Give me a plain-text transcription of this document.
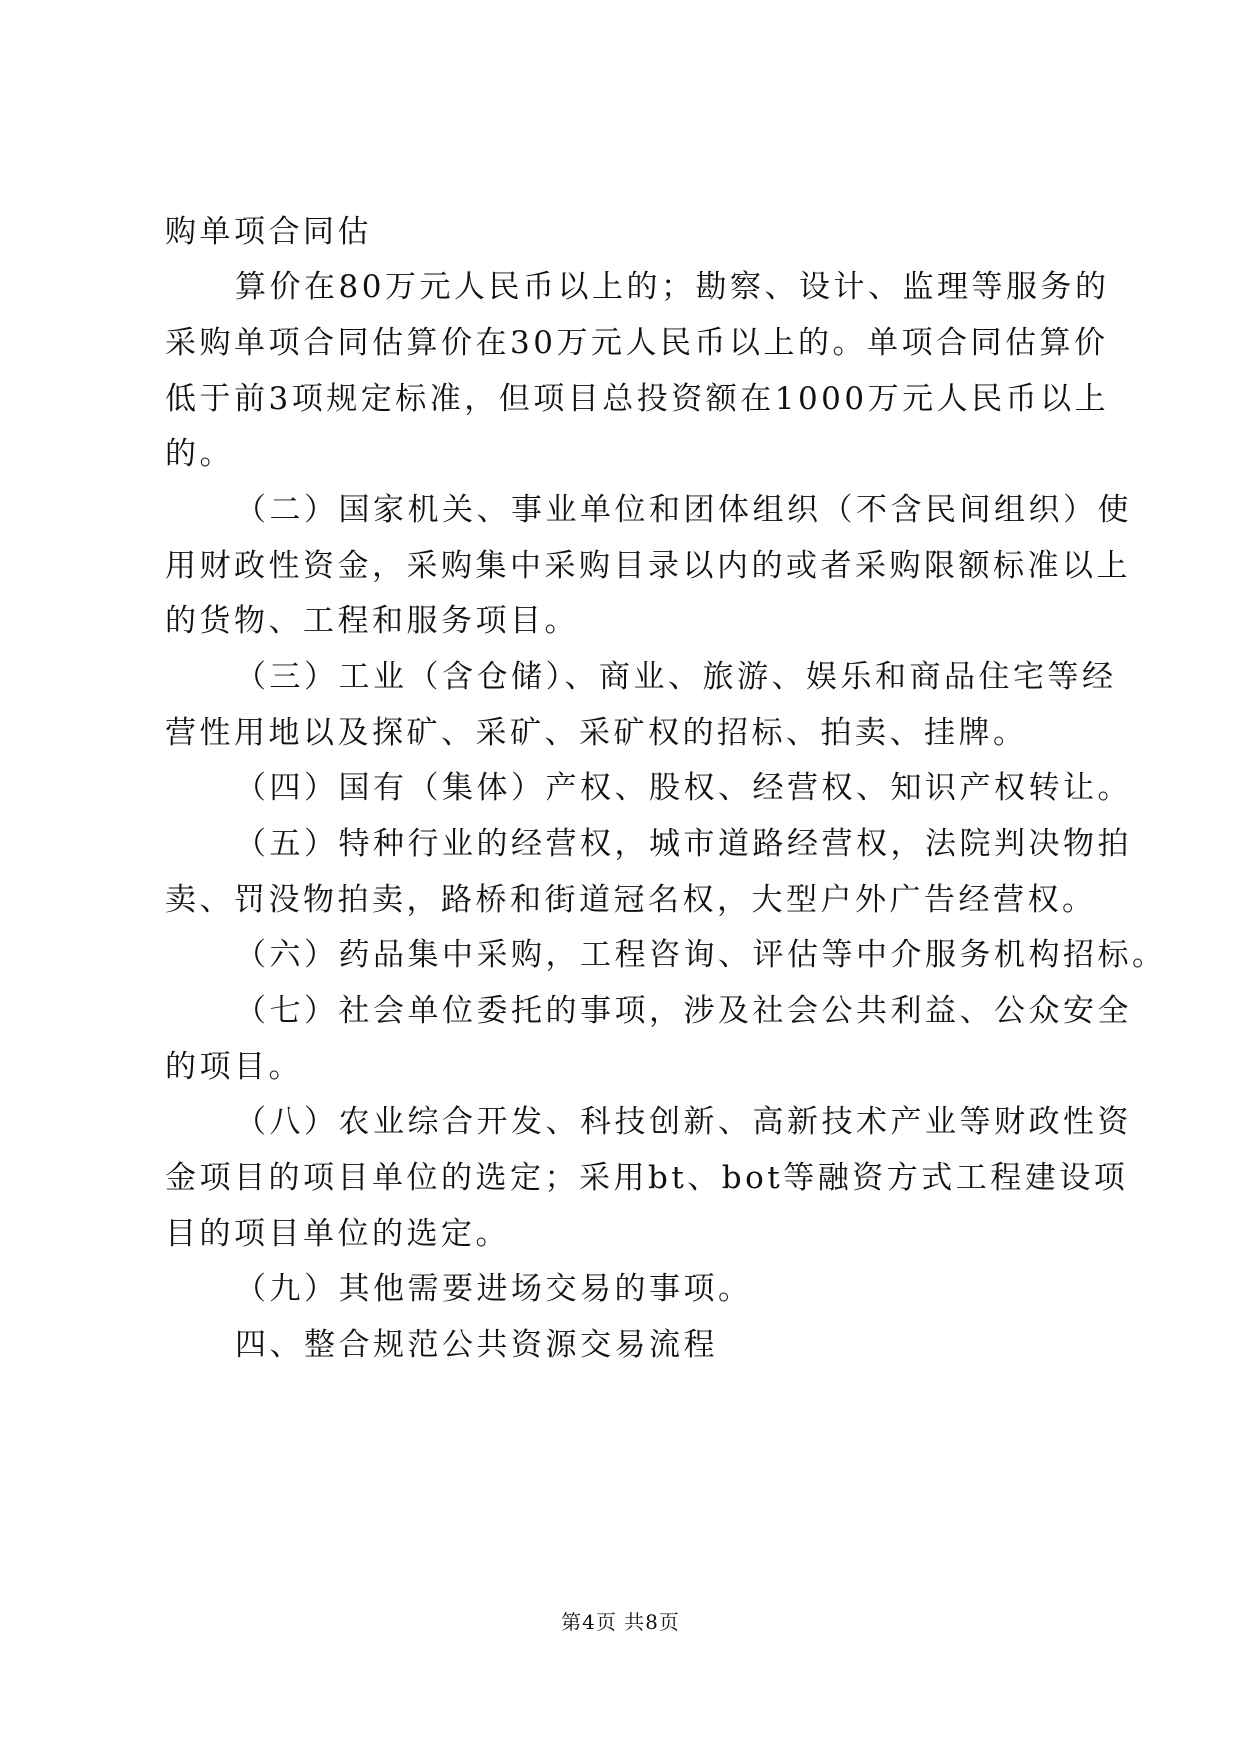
购单项合同估
算价在80万元人民币以上的；勘察、设计、监理等服务的
采购单项合同估算价在30万元人民币以上的。单项合同估算价
低于前3项规定标准，但项目总投资额在1000万元人民币以上
的。
（二）国家机关、事业单位和团体组织（不含民间组织）使
用财政性资金，采购集中采购目录以内的或者采购限额标准以上
的货物、工程和服务项目。
（三）工业（含仓储）、商业、旅游、娱乐和商品住宅等经
营性用地以及探矿、采矿、采矿权的招标、拍卖、挂牌。
（四）国有（集体）产权、股权、经营权、知识产权转让。
（五）特种行业的经营权，城市道路经营权，法院判决物拍
卖、罚没物拍卖，路桥和街道冠名权，大型户外广告经营权。
（六）药品集中采购，工程咨询、评估等中介服务机构招标。
（七）社会单位委托的事项，涉及社会公共利益、公众安全
的项目。
（八）农业综合开发、科技创新、高新技术产业等财政性资
金项目的项目单位的选定；采用bt、bot等融资方式工程建设项
目的项目单位的选定。
（九）其他需要进场交易的事项。
四、整合规范公共资源交易流程
第4页 共8页
